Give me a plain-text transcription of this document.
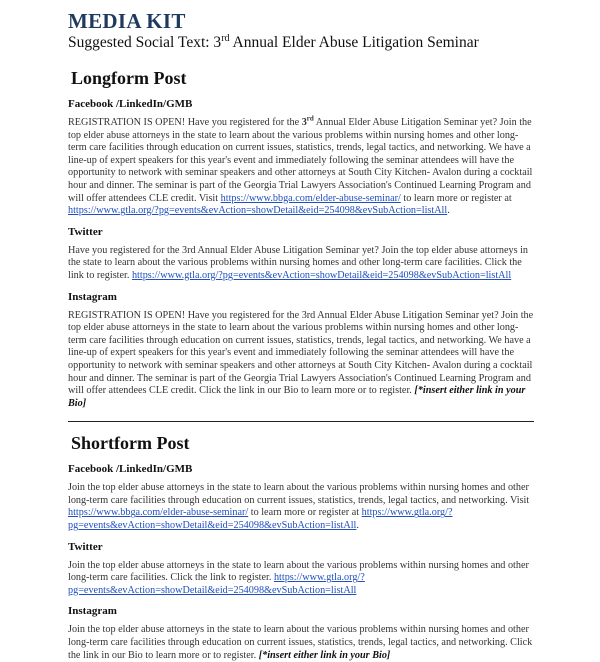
MEDIA KIT

Suggested Social Text: 3rd Annual Elder Abuse Litigation Seminar

Longform Post
Facebook /LinkedIn/GMB

REGISTRATION IS OPEN! Have you registered for the 3rd Annual Elder Abuse Litigation Seminar yet? Join the top elder abuse attorneys in the state to learn about the various problems within nursing homes and other long-term care facilities through education on current issues, statistics, trends, legal tactics, and networking. We have a line-up of expert speakers for this year's event and immediately following the seminar attendees will have the opportunity to network with seminar speakers and other attorneys at South City Kitchen- Avalon during a cocktail hour and dinner. The seminar is part of the Georgia Trial Lawyers Association's Continued Learning Program and will offer attendees CLE credit. Visit https://www.bbga.com/elder-abuse-seminar/ to learn more or register at https://www.gtla.org/?pg=events&evAction=showDetail&eid=254098&evSubAction=listAll.

Twitter

Have you registered for the 3rd Annual Elder Abuse Litigation Seminar yet? Join the top elder abuse attorneys in the state to learn about the various problems within nursing homes and other long-term care facilities. Click the link to register. https://www.gtla.org/?pg=events&evAction=showDetail&eid=254098&evSubAction=listAll

Instagram

REGISTRATION IS OPEN! Have you registered for the 3rd Annual Elder Abuse Litigation Seminar yet? Join the top elder abuse attorneys in the state to learn about the various problems within nursing homes and other long-term care facilities through education on current issues, statistics, trends, legal tactics, and networking. We have a line-up of expert speakers for this year's event and immediately following the seminar attendees will have the opportunity to network with seminar speakers and other attorneys at South City Kitchen- Avalon during a cocktail hour and dinner. The seminar is part of the Georgia Trial Lawyers Association's Continued Learning Program and will offer attendees CLE credit. Click the link in our Bio to learn more or to register. [*insert either link in your Bio]

Shortform Post
Facebook /LinkedIn/GMB

Join the top elder abuse attorneys in the state to learn about the various problems within nursing homes and other long-term care facilities through education on current issues, statistics, trends, legal tactics, and networking. Visit https://www.bbga.com/elder-abuse-seminar/ to learn more or register at https://www.gtla.org/?pg=events&evAction=showDetail&eid=254098&evSubAction=listAll.

Twitter

Join the top elder abuse attorneys in the state to learn about the various problems within nursing homes and other long-term care facilities. Click the link to register. https://www.gtla.org/?pg=events&evAction=showDetail&eid=254098&evSubAction=listAll

Instagram

Join the top elder abuse attorneys in the state to learn about the various problems within nursing homes and other long-term care facilities through education on current issues, statistics, trends, legal tactics, and networking. Click the link in our Bio to learn more or to register. [*insert either link in your Bio]
